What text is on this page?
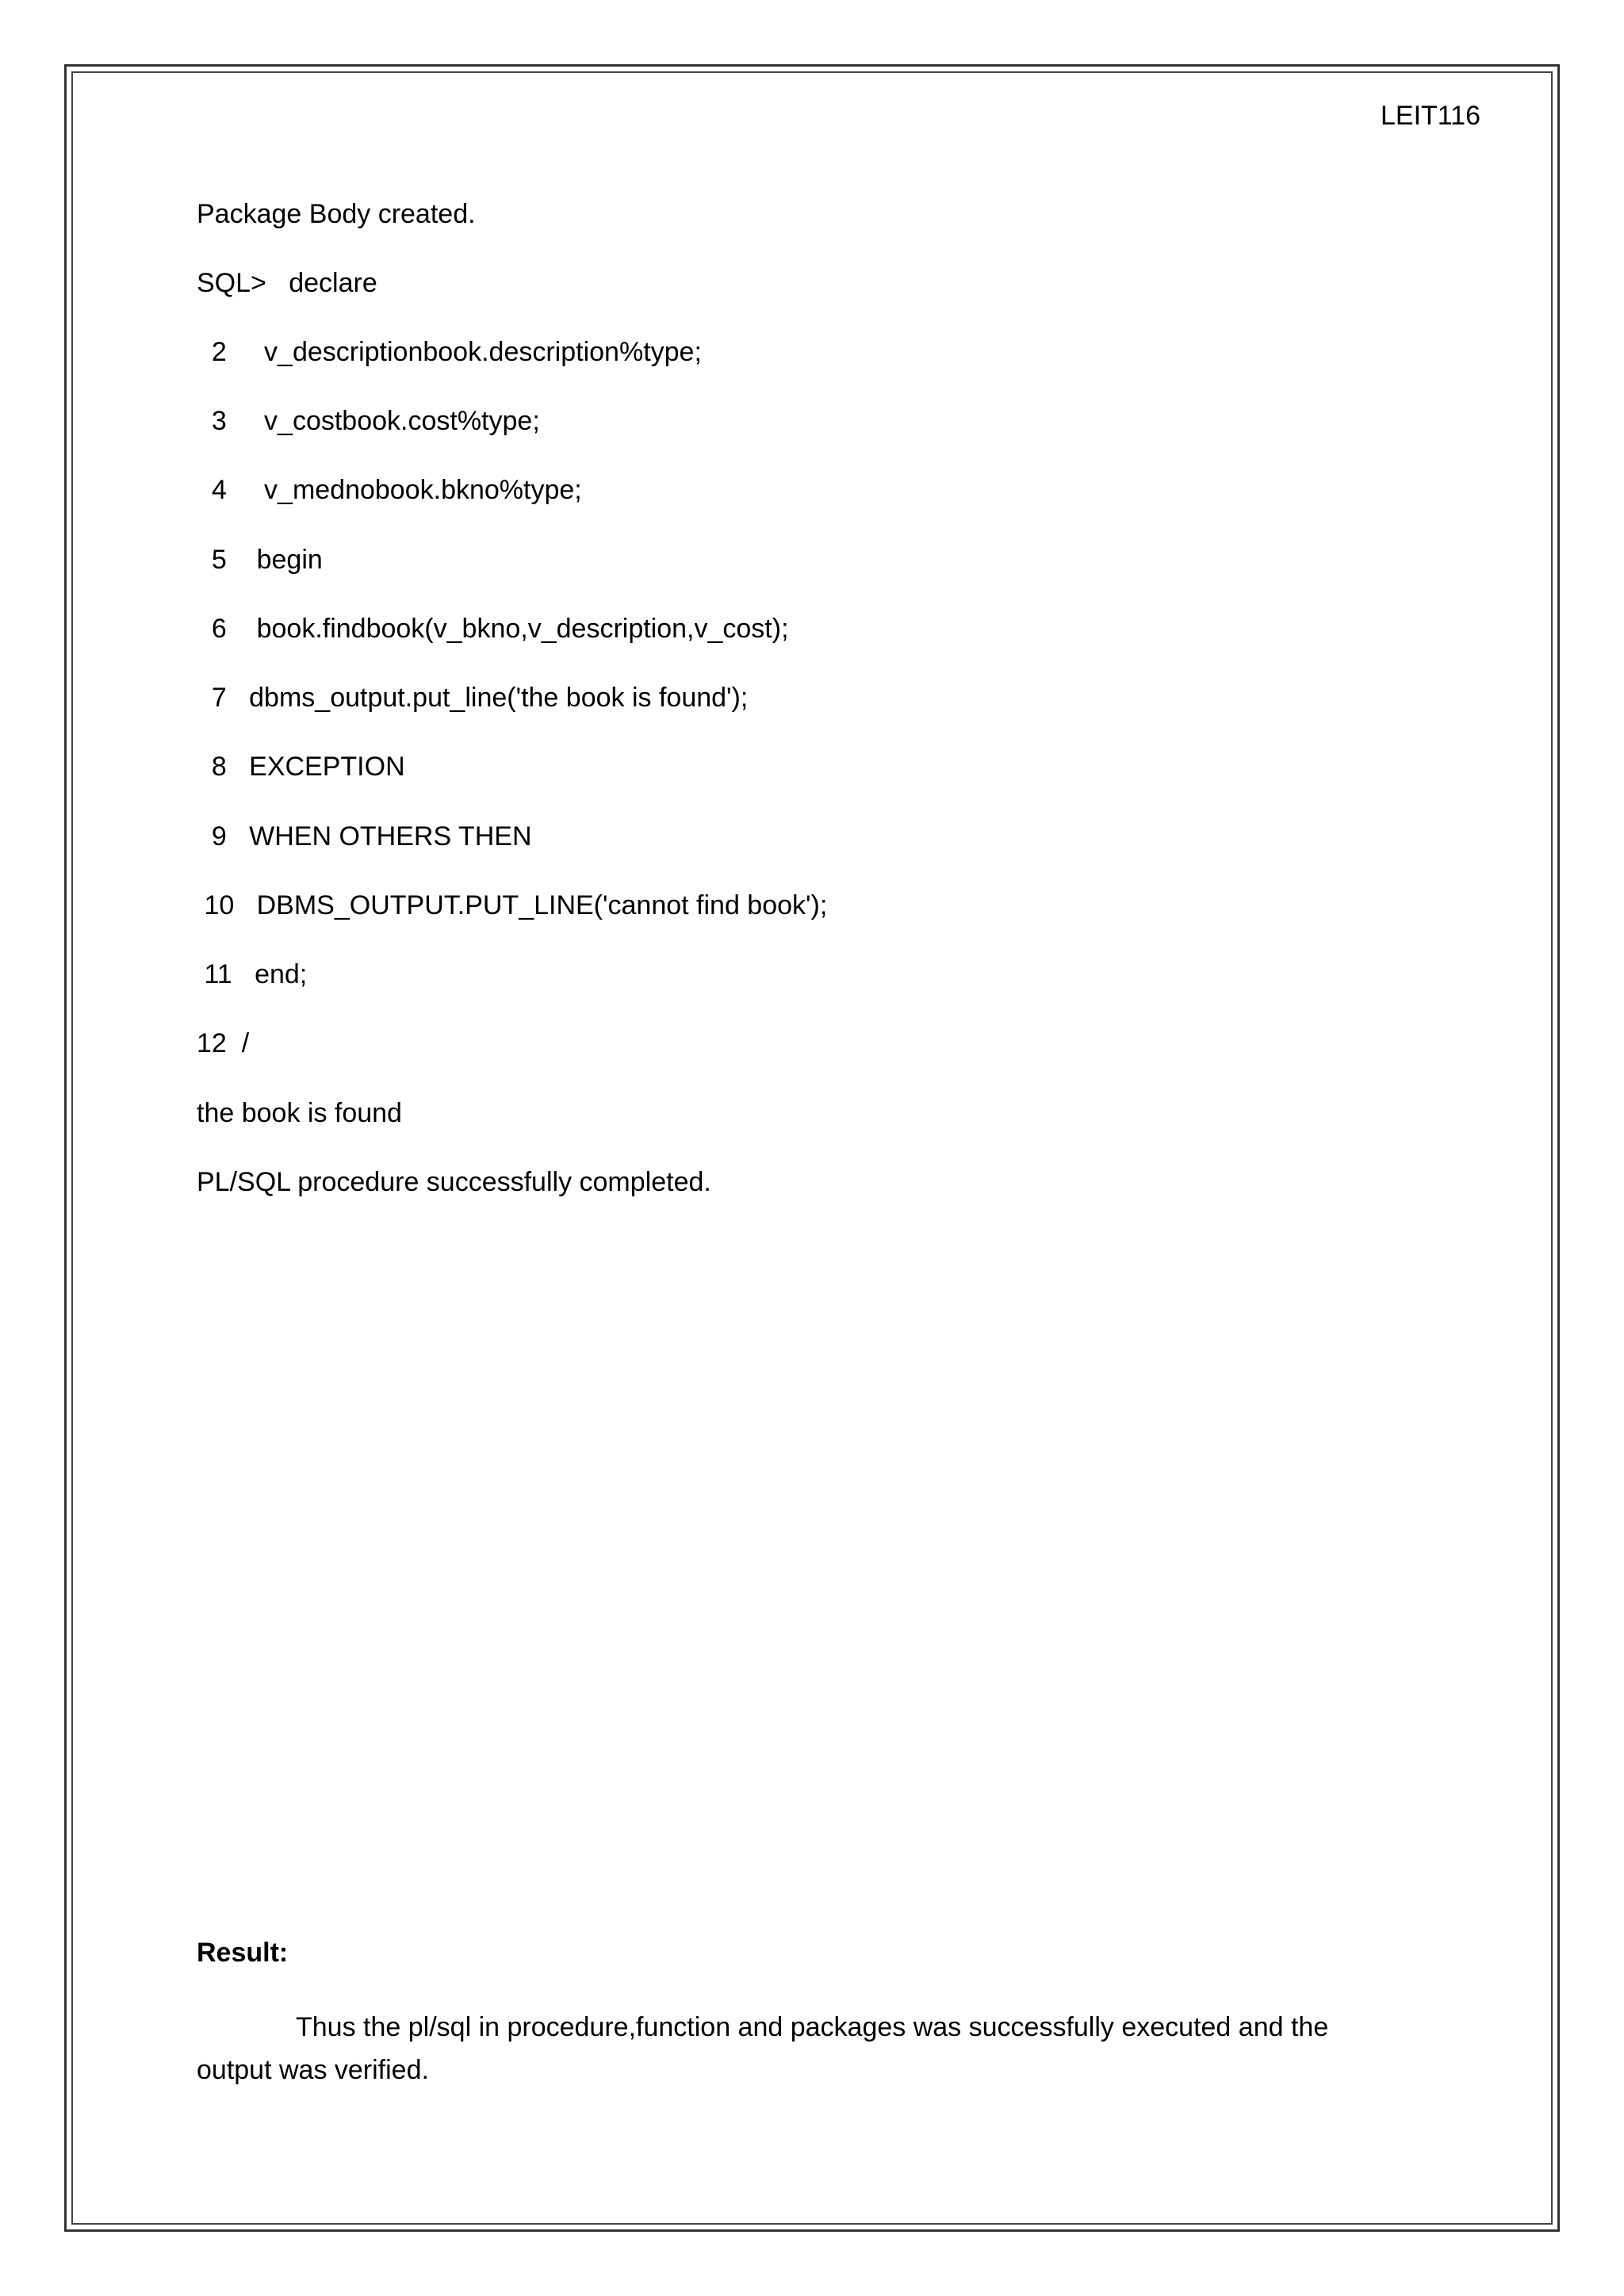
LEIT116
Package Body created.
SQL>   declare
2     v_descriptionbook.description%type;
3     v_costbook.cost%type;
4     v_mednobook.bkno%type;
5    begin
6    book.findbook(v_bkno,v_description,v_cost);
7   dbms_output.put_line('the book is found');
8   EXCEPTION
9   WHEN OTHERS THEN
10   DBMS_OUTPUT.PUT_LINE('cannot find book');
11   end;
12  /
the book is found
PL/SQL procedure successfully completed.
Result:

Thus the pl/sql in procedure,function and packages was successfully executed and the output was verified.
